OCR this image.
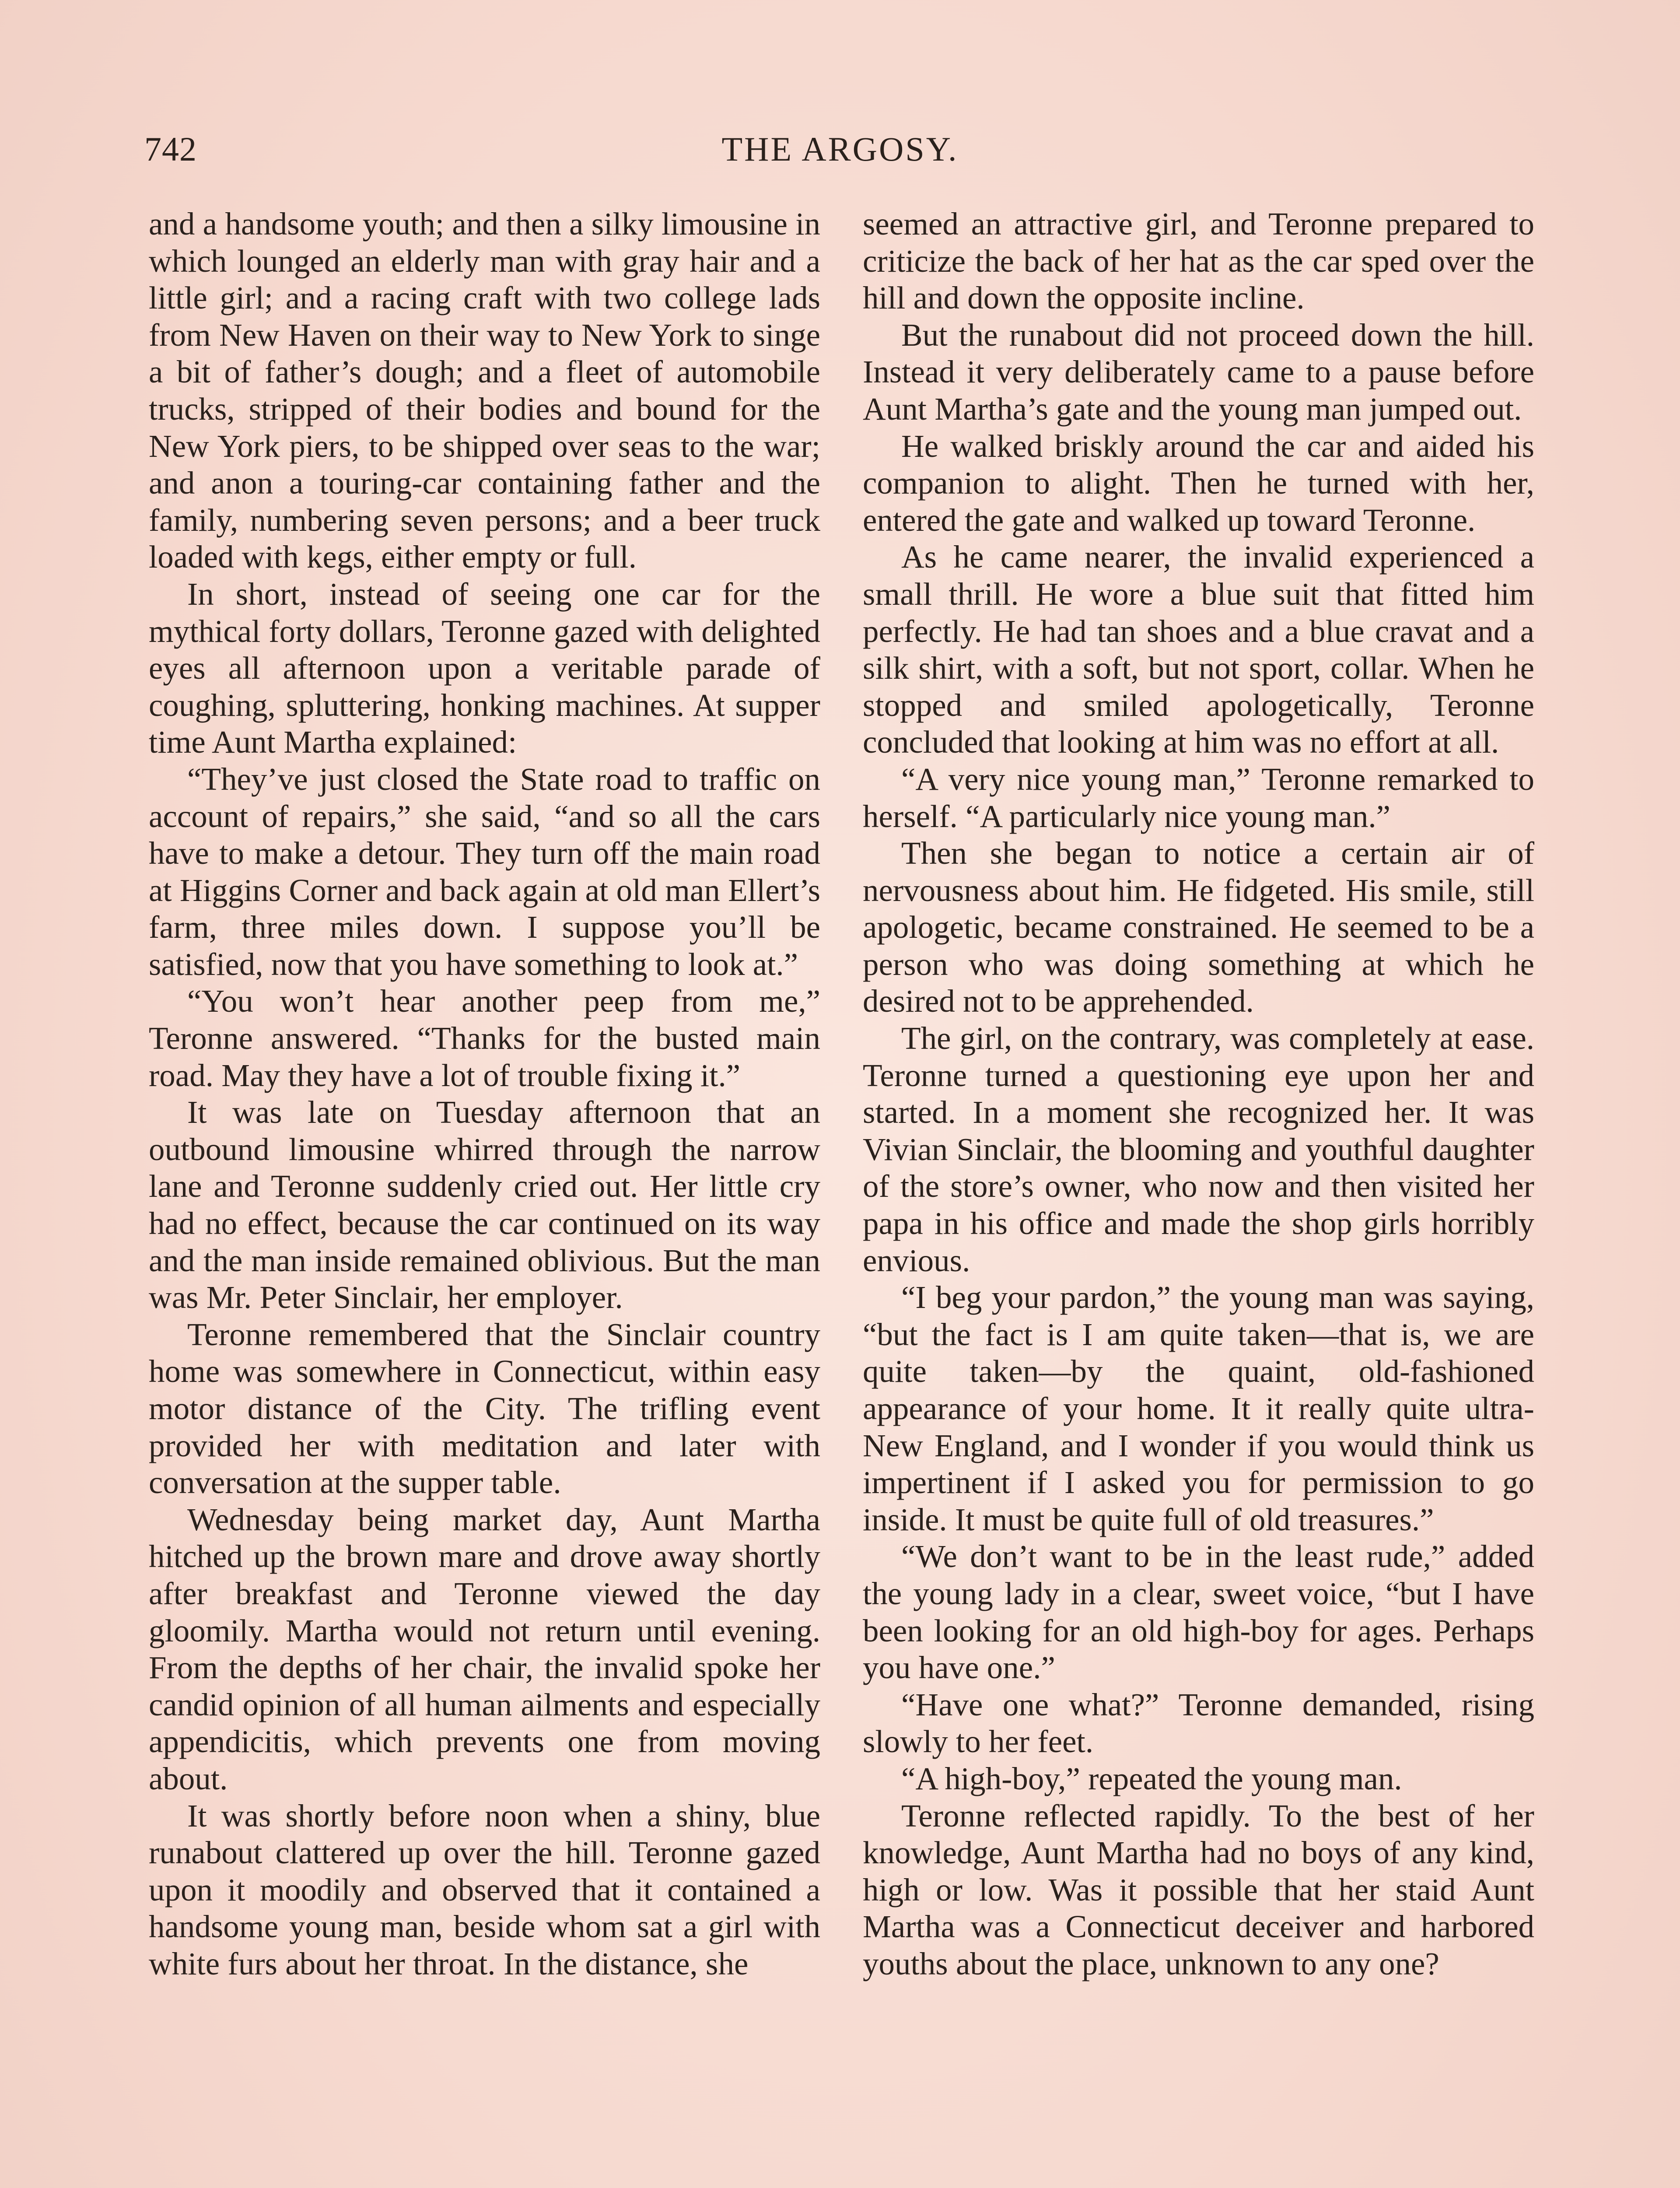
742	THE ARGOSY.

and a handsome youth; and then a silky limousine in which lounged an elderly man with gray hair and a little girl; and a racing craft with two college lads from New Haven on their way to New York to singe a bit of father’s dough; and a fleet of automobile trucks, stripped of their bodies and bound for the New York piers, to be shipped over seas to the war; and anon a touring-car containing father and the family, numbering seven persons; and a beer truck loaded with kegs, either empty or full.

In short, instead of seeing one car for the mythical forty dollars, Teronne gazed with delighted eyes all afternoon upon a veritable parade of coughing, spluttering, honking machines. At supper time Aunt Martha explained:

“They’ve just closed the State road to traffic on account of repairs,” she said, “and so all the cars have to make a detour. They turn off the main road at Higgins Corner and back again at old man Ellert’s farm, three miles down. I suppose you’ll be satisfied, now that you have something to look at.”

“You won’t hear another peep from me,” Teronne answered. “Thanks for the busted main road. May they have a lot of trouble fixing it.”

It was late on Tuesday afternoon that an outbound limousine whirred through the narrow lane and Teronne suddenly cried out. Her little cry had no effect, because the car continued on its way and the man inside remained oblivious. But the man was Mr. Peter Sinclair, her employer.

Teronne remembered that the Sinclair country home was somewhere in Connecticut, within easy motor distance of the City. The trifling event provided her with meditation and later with conversation at the supper table.

Wednesday being market day, Aunt Martha hitched up the brown mare and drove away shortly after breakfast and Teronne viewed the day gloomily. Martha would not return until evening. From the depths of her chair, the invalid spoke her candid opinion of all human ailments and especially appendicitis, which prevents one from moving about.

It was shortly before noon when a shiny, blue runabout clattered up over the hill. Teronne gazed upon it moodily and observed that it contained a handsome young man, beside whom sat a girl with white furs about her throat. In the distance, she

seemed an attractive girl, and Teronne prepared to criticize the back of her hat as the car sped over the hill and down the opposite incline.

But the runabout did not proceed down the hill. Instead it very deliberately came to a pause before Aunt Martha’s gate and the young man jumped out.

He walked briskly around the car and aided his companion to alight. Then he turned with her, entered the gate and walked up toward Teronne.

As he came nearer, the invalid experienced a small thrill. He wore a blue suit that fitted him perfectly. He had tan shoes and a blue cravat and a silk shirt, with a soft, but not sport, collar. When he stopped and smiled apologetically, Teronne concluded that looking at him was no effort at all.

“A very nice young man,” Teronne remarked to herself. “A particularly nice young man.”

Then she began to notice a certain air of nervousness about him. He fidgeted. His smile, still apologetic, became constrained. He seemed to be a person who was doing something at which he desired not to be apprehended.

The girl, on the contrary, was completely at ease. Teronne turned a questioning eye upon her and started. In a moment she recognized her. It was Vivian Sinclair, the blooming and youthful daughter of the store’s owner, who now and then visited her papa in his office and made the shop girls horribly envious.

“I beg your pardon,” the young man was saying, “but the fact is I am quite taken—that is, we are quite taken—by the quaint, old-fashioned appearance of your home. It it really quite ultra-New England, and I wonder if you would think us impertinent if I asked you for permission to go inside. It must be quite full of old treasures.”

“We don’t want to be in the least rude,” added the young lady in a clear, sweet voice, “but I have been looking for an old high-boy for ages. Perhaps you have one.”

“Have one what?” Teronne demanded, rising slowly to her feet.

“A high-boy,” repeated the young man.

Teronne reflected rapidly. To the best of her knowledge, Aunt Martha had no boys of any kind, high or low. Was it possible that her staid Aunt Martha was a Connecticut deceiver and harbored youths about the place, unknown to any one?
